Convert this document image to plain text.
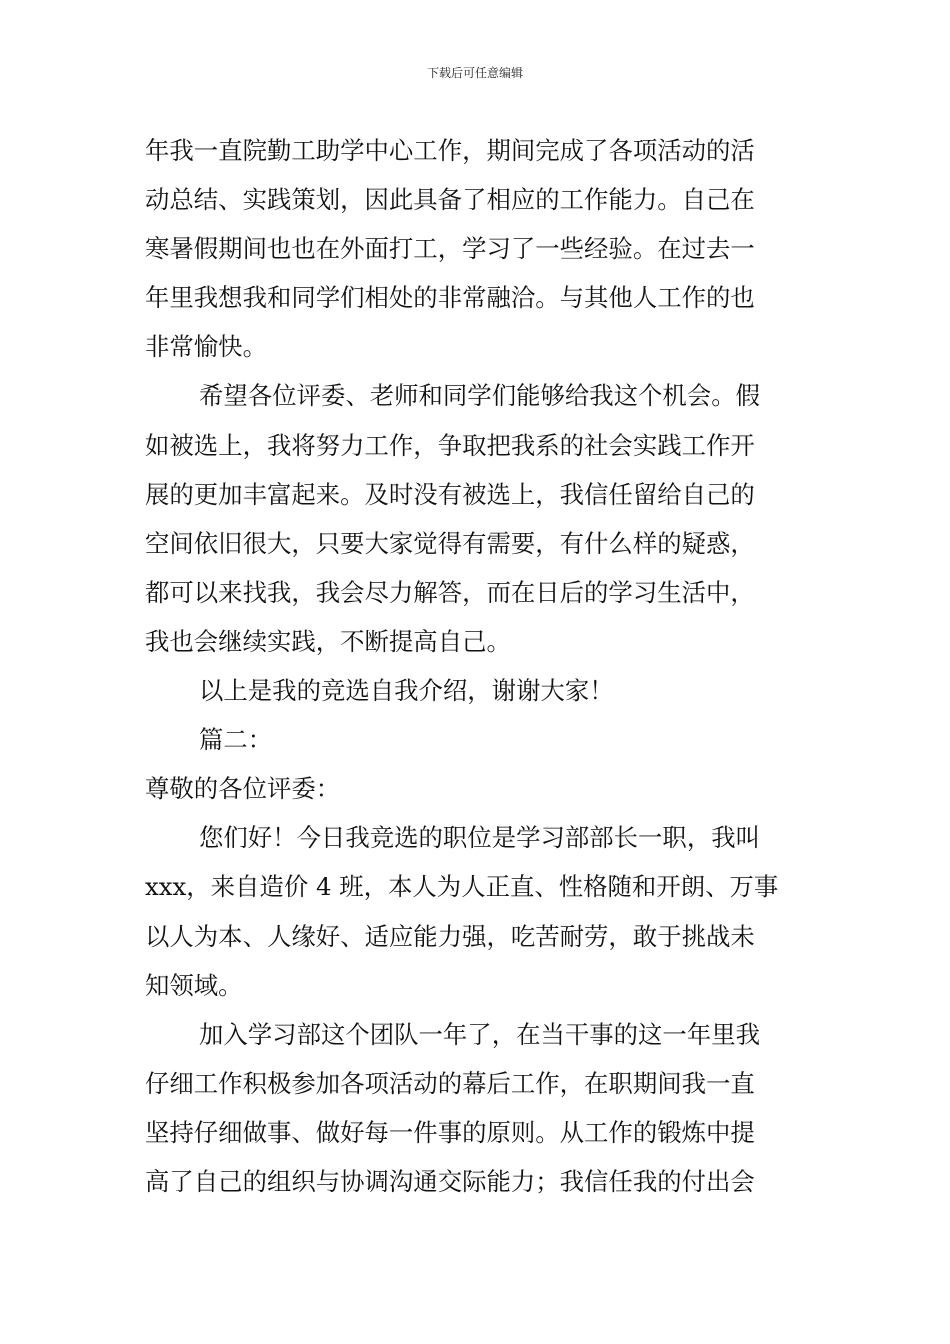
下载后可任意编辑
年我一直院勤工助学中心工作，期间完成了各项活动的活
动总结、实践策划，因此具备了相应的工作能力。自己在
寒暑假期间也也在外面打工，学习了一些经验。在过去一
年里我想我和同学们相处的非常融洽。与其他人工作的也
非常愉快。
希望各位评委、老师和同学们能够给我这个机会。假
如被选上，我将努力工作，争取把我系的社会实践工作开
展的更加丰富起来。及时没有被选上，我信任留给自己的
空间依旧很大，只要大家觉得有需要，有什么样的疑惑，
都可以来找我，我会尽力解答，而在日后的学习生活中，
我也会继续实践，不断提高自己。
以上是我的竞选自我介绍，谢谢大家！
篇二：
尊敬的各位评委：
您们好！今日我竞选的职位是学习部部长一职，我叫
xxx，来自造价 4 班，本人为人正直、性格随和开朗、万事
以人为本、人缘好、适应能力强，吃苦耐劳，敢于挑战未
知领域。
加入学习部这个团队一年了，在当干事的这一年里我
仔细工作积极参加各项活动的幕后工作，在职期间我一直
坚持仔细做事、做好每一件事的原则。从工作的锻炼中提
高了自己的组织与协调沟通交际能力；我信任我的付出会
